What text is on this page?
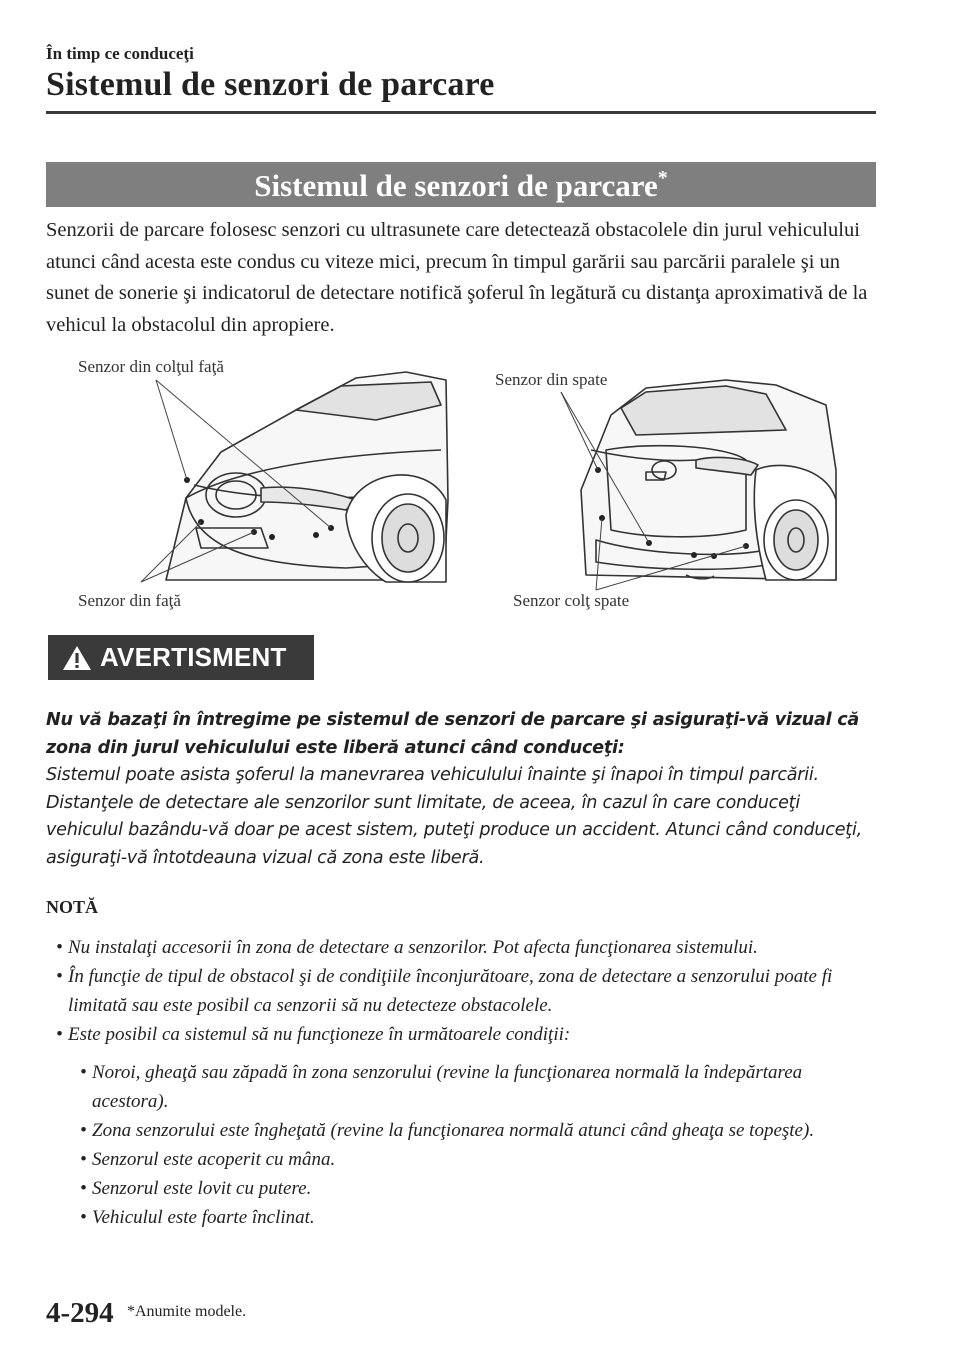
În timp ce conduceţi
Sistemul de senzori de parcare
Sistemul de senzori de parcare*
Senzorii de parcare folosesc senzori cu ultrasunete care detectează obstacolele din jurul vehiculului atunci când acesta este condus cu viteze mici, precum în timpul garării sau parcării paralele şi un sunet de sonerie şi indicatorul de detectare notifică şoferul în legătură cu distanţa aproximativă de la vehicul la obstacolul din apropiere.
Senzor din colţul faţă
Senzor din faţă
Senzor din spate
Senzor colţ spate
AVERTISMENT
Nu vă bazaţi în întregime pe sistemul de senzori de parcare şi asiguraţi-vă vizual că zona din jurul vehiculului este liberă atunci când conduceţi:
Sistemul poate asista şoferul la manevrarea vehiculului înainte şi înapoi în timpul parcării. Distanţele de detectare ale senzorilor sunt limitate, de aceea, în cazul în care conduceţi vehiculul bazându-vă doar pe acest sistem, puteţi produce un accident. Atunci când conduceţi, asiguraţi-vă întotdeauna vizual că zona este liberă.
NOTĂ
• Nu instalaţi accesorii în zona de detectare a senzorilor. Pot afecta funcţionarea sistemului.
• În funcţie de tipul de obstacol şi de condiţiile înconjurătoare, zona de detectare a senzorului poate fi limitată sau este posibil ca senzorii să nu detecteze obstacolele.
• Este posibil ca sistemul să nu funcţioneze în următoarele condiţii:
• Noroi, gheaţă sau zăpadă în zona senzorului (revine la funcţionarea normală la îndepărtarea acestora).
• Zona senzorului este îngheţată (revine la funcţionarea normală atunci când gheaţa se topeşte).
• Senzorul este acoperit cu mâna.
• Senzorul este lovit cu putere.
• Vehiculul este foarte înclinat.
4-294 *Anumite modele.
